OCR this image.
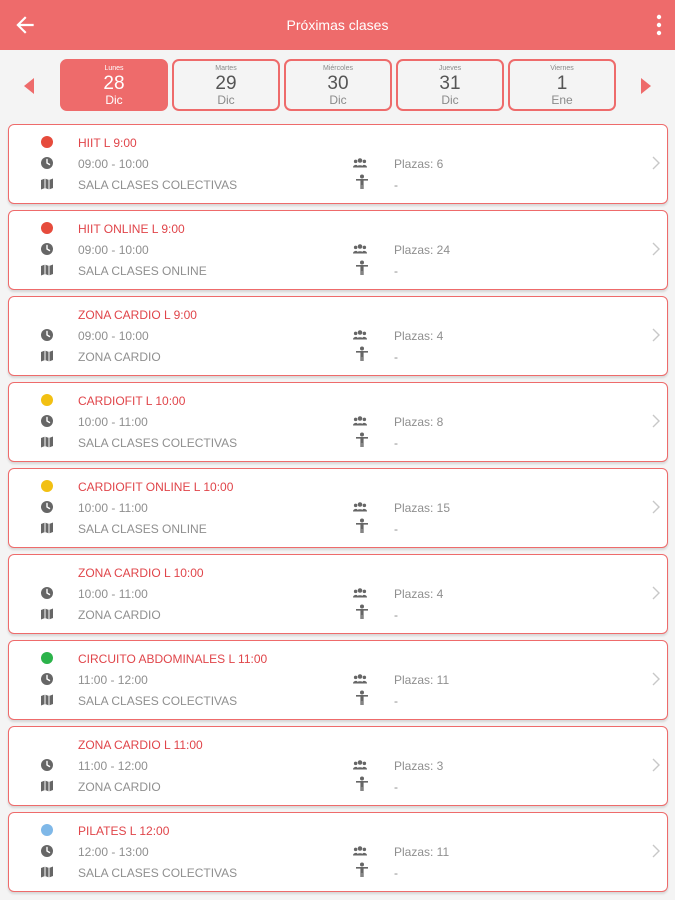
Próximas clases
Lunes
28
Dic
Martes
29
Dic
Miércoles
30
Dic
Jueves
31
Dic
Viernes
1
Ene
HIIT L 9:00
09:00 - 10:00
SALA CLASES COLECTIVAS
Plazas: 6
-
HIIT ONLINE L 9:00
09:00 - 10:00
SALA CLASES ONLINE
Plazas: 24
-
ZONA CARDIO L 9:00
09:00 - 10:00
ZONA CARDIO
Plazas: 4
-
CARDIOFIT L 10:00
10:00 - 11:00
SALA CLASES COLECTIVAS
Plazas: 8
-
CARDIOFIT ONLINE L 10:00
10:00 - 11:00
SALA CLASES ONLINE
Plazas: 15
-
ZONA CARDIO L 10:00
10:00 - 11:00
ZONA CARDIO
Plazas: 4
-
CIRCUITO ABDOMINALES L 11:00
11:00 - 12:00
SALA CLASES COLECTIVAS
Plazas: 11
-
ZONA CARDIO L 11:00
11:00 - 12:00
ZONA CARDIO
Plazas: 3
-
PILATES L 12:00
12:00 - 13:00
SALA CLASES COLECTIVAS
Plazas: 11
-
